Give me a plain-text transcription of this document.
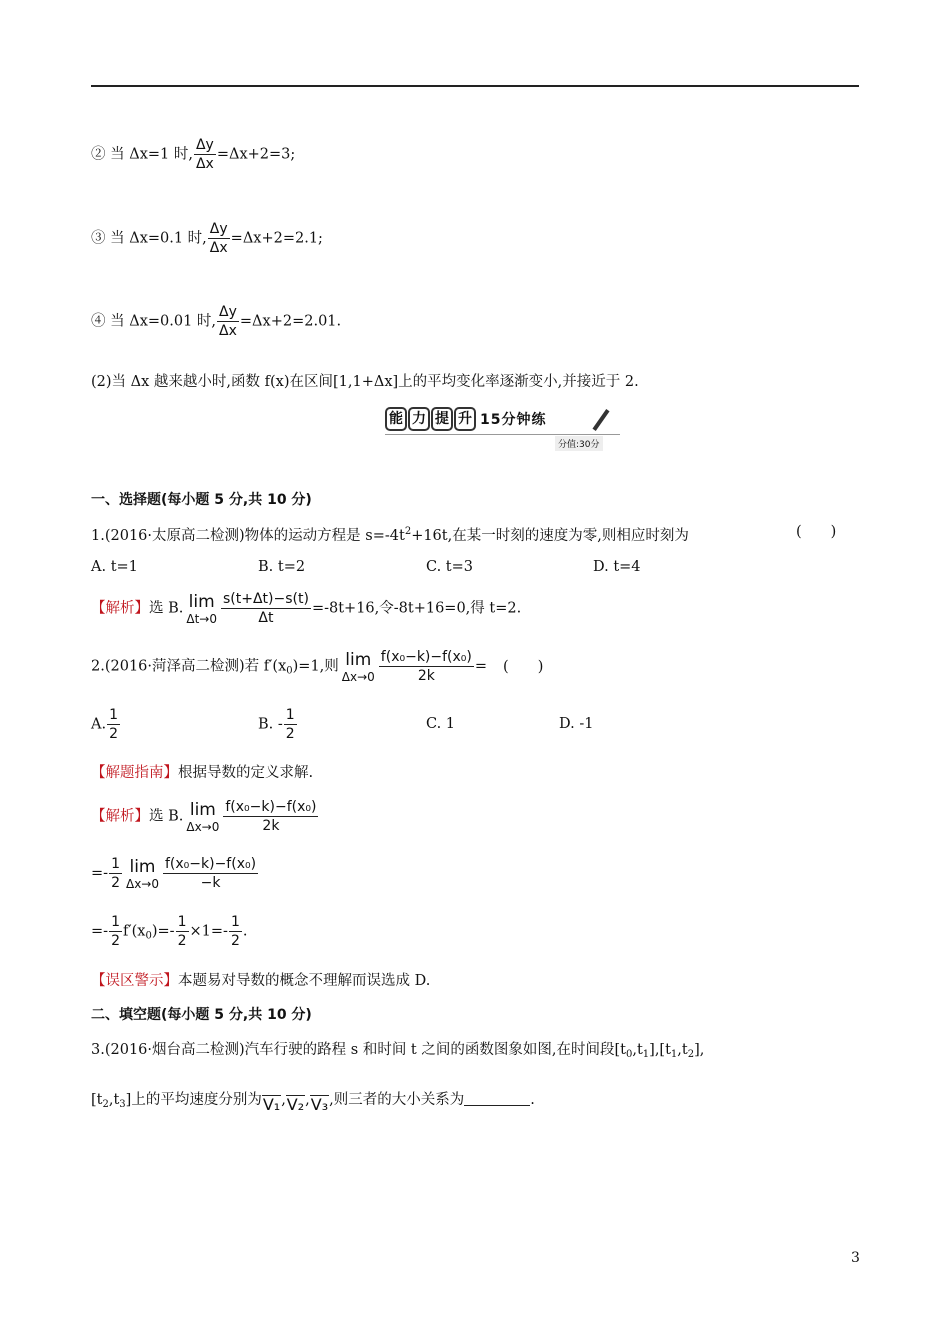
② 当 Δx=1 时, $\frac{\Delta y}{\Delta x} =\Delta x+2=3$;
③ 当 Δx=0.1 时, $\frac{\Delta y}{\Delta x} =\Delta x+2=2.1$;
④ 当 Δx=0.01 时, $\frac{\Delta y}{\Delta x} =\Delta x+2=2.01$.
(2)当 Δx 越来越小时,函数 f(x)在区间[1,1+Δx]上的平均变化率逐渐变小,并接近于 2.
能 力 提 升 15分钟练
分值:30分
一、选择题(每小题 5 分,共 10 分)
1.(2016·太原高二检测)物体的运动方程是 $s=-4t^2+16t$,在某一时刻的速度为零,则相应时刻为	(　　)
A. t=1	B. t=2	C. t=3	D. t=4
【解析】选 B. lim
$\Delta t\to 0 \frac{s(t+\Delta t)-s(t)}{\Delta t} =-8t+16$,令-8t+16=0,得 t=2.
2.(2016·菏泽高二检测)若 $f'(x_0)=1$,则 lim
$\Delta x\to 0 \frac{\text{f(x₀−k)−f(x₀)}}{2k}$ = (　　)
A. $\frac{1}{2}$	B. - $\frac{1}{2}$	C. 1	D. -1
【解题指南】根据导数的定义求解.
【解析】选 B. lim
$\Delta x\to 0 \frac{\text{f(x₀−k)−f(x₀)}}{2k}$
=- $\frac{1}{2}$ lim
$\Delta x\to 0 \frac{\text{f(x₀−k)−f(x₀)}}{-k}$
=- $\frac{1}{2} f'(x_0)=- \frac{1}{2} \times 1=- \frac{1}{2}$ .
【误区警示】本题易对导数的概念不理解而误选成 D.
二、填空题(每小题 5 分,共 10 分)
3.(2016·烟台高二检测)汽车行驶的路程 s 和时间 t 之间的函数图象如图,在时间段$[t_0,t_1],[t_1,t_2]$,
$[t_2,t_3]$上的平均速度分别为V₁,V₂,V₃,则三者的大小关系为	.
3
